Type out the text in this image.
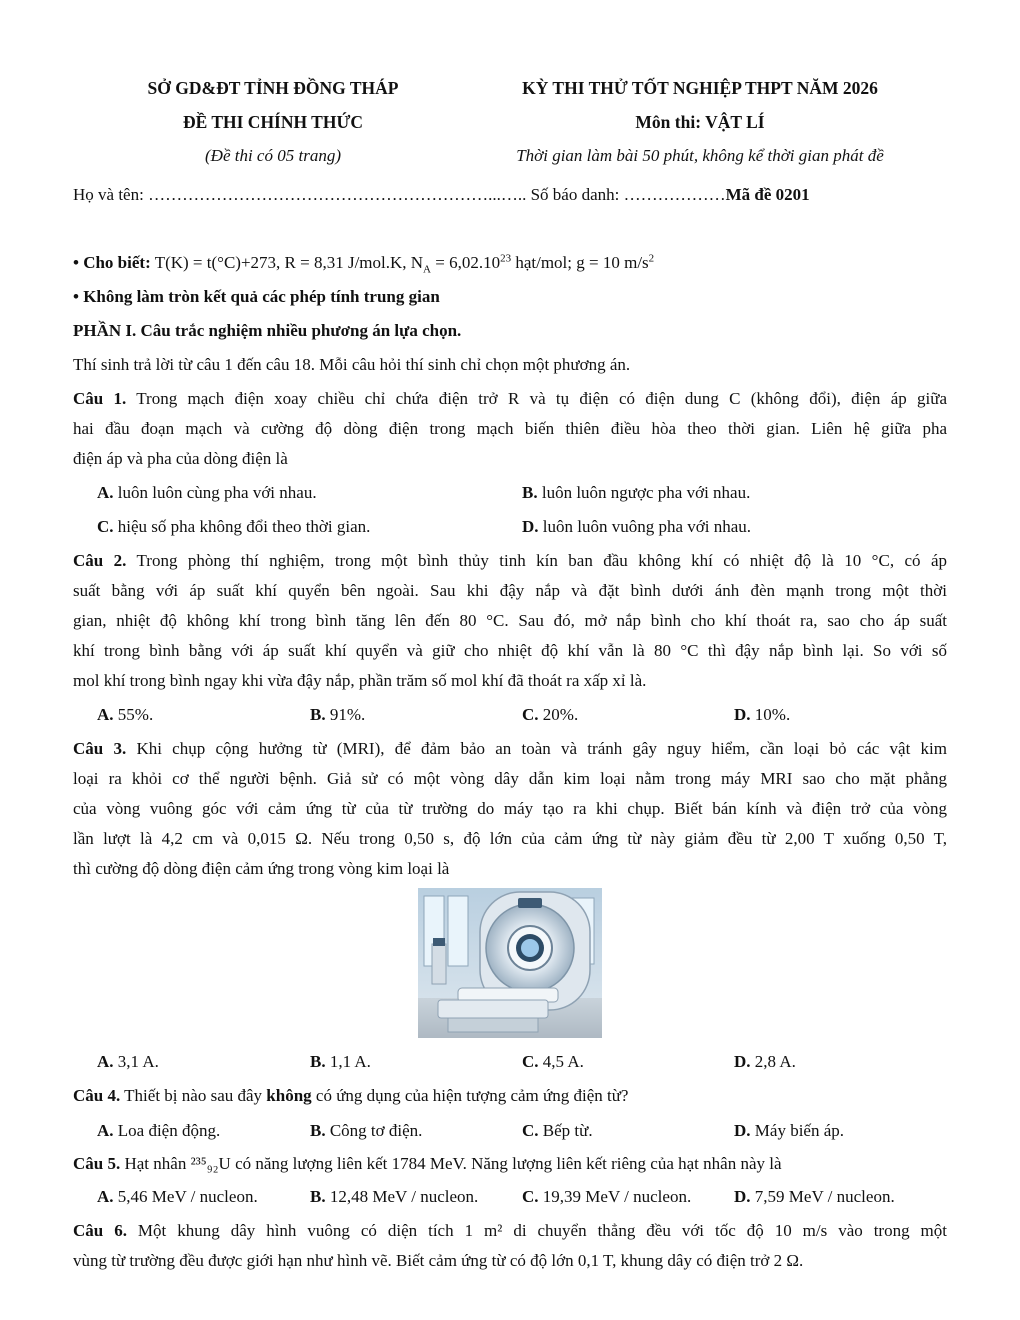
SỞ GD&ĐT TỈNH ĐỒNG THÁP
ĐỀ THI CHÍNH THỨC
(Đề thi có 05 trang)
KỲ THI THỬ TỐT NGHIỆP THPT NĂM 2026
Môn thi: VẬT LÍ
Thời gian làm bài 50 phút, không kể thời gian phát đề
Họ và tên: ……………………………………………………...….. Số báo danh: ………………Mã đề 0201
• Cho biết: T(K) = t(°C)+273, R = 8,31 J/mol.K, $N_A = 6,02.10^{23}$ hạt/mol; g = 10 $m/s^2$
• Không làm tròn kết quả các phép tính trung gian
PHẦN I. Câu trắc nghiệm nhiều phương án lựa chọn.
Thí sinh trả lời từ câu 1 đến câu 18. Mỗi câu hỏi thí sinh chỉ chọn một phương án.
Câu 1. Trong mạch điện xoay chiều chỉ chứa điện trở R và tụ điện có điện dung C (không đổi), điện áp giữa
hai đầu đoạn mạch và cường độ dòng điện trong mạch biến thiên điều hòa theo thời gian. Liên hệ giữa pha
điện áp và pha của dòng điện là
A. luôn luôn cùng pha với nhau.	B. luôn luôn ngược pha với nhau.
C. hiệu số pha không đổi theo thời gian.	D. luôn luôn vuông pha với nhau.
Câu 2. Trong phòng thí nghiệm, trong một bình thủy tinh kín ban đầu không khí có nhiệt độ là 10 °C, có áp
suất bằng với áp suất khí quyển bên ngoài. Sau khi đậy nắp và đặt bình dưới ánh đèn mạnh trong một thời
gian, nhiệt độ không khí trong bình tăng lên đến 80 °C. Sau đó, mở nắp bình cho khí thoát ra, sao cho áp suất
khí trong bình bằng với áp suất khí quyển và giữ cho nhiệt độ khí vẫn là 80 °C thì đậy nắp bình lại. So với số
mol khí trong bình ngay khi vừa đậy nắp, phần trăm số mol khí đã thoát ra xấp xỉ là.
A. 55%.	B. 91%.	C. 20%.	D. 10%.
Câu 3. Khi chụp cộng hưởng từ (MRI), để đảm bảo an toàn và tránh gây nguy hiểm, cần loại bỏ các vật kim
loại ra khỏi cơ thể người bệnh. Giả sử có một vòng dây dẫn kim loại nằm trong máy MRI sao cho mặt phẳng
của vòng vuông góc với cảm ứng từ của từ trường do máy tạo ra khi chụp. Biết bán kính và điện trở của vòng
lần lượt là 4,2 cm và 0,015 Ω. Nếu trong 0,50 s, độ lớn của cảm ứng từ này giảm đều từ 2,00 T xuống 0,50 T,
thì cường độ dòng điện cảm ứng trong vòng kim loại là
A. 3,1 A.	B. 1,1 A.	C. 4,5 A.	D. 2,8 A.
Câu 4. Thiết bị nào sau đây không có ứng dụng của hiện tượng cảm ứng điện từ?
A. Loa điện động.	B. Công tơ điện.	C. Bếp từ.	D. Máy biến áp.
Câu 5. Hạt nhân ²³⁵₉₂U có năng lượng liên kết 1784 MeV. Năng lượng liên kết riêng của hạt nhân này là
A. 5,46 MeV / nucleon.	B. 12,48 MeV / nucleon.	C. 19,39 MeV / nucleon.	D. 7,59 MeV / nucleon.
Câu 6. Một khung dây hình vuông có diện tích 1 m² di chuyển thẳng đều với tốc độ 10 m/s vào trong một
vùng từ trường đều được giới hạn như hình vẽ. Biết cảm ứng từ có độ lớn 0,1 T, khung dây có điện trở 2 Ω.
